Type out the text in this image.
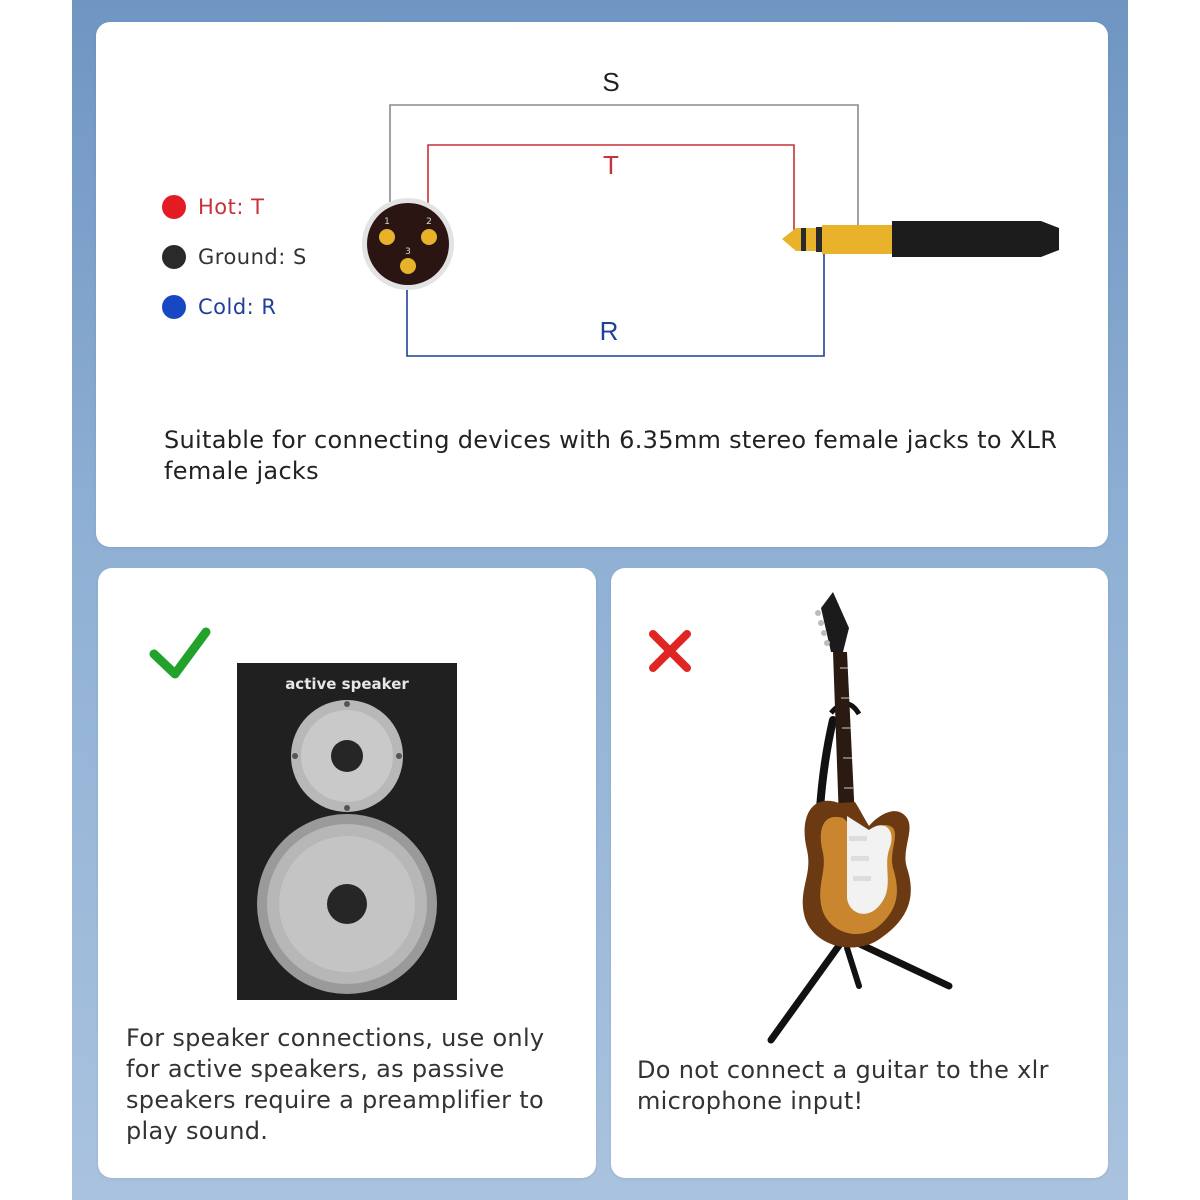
S
T
R
1	2
3
Hot: T
Ground: S
Cold: R
Suitable for connecting devices with 6.35mm stereo female jacks to XLR female jacks
active speaker
For speaker connections, use only for active speakers, as passive speakers require a preamplifier to play sound.
Do not connect a guitar to the xlr microphone input!
